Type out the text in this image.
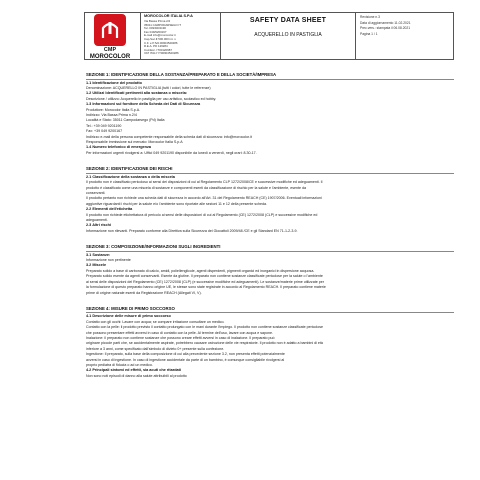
CMP
MOROCOLOR
MOROCOLOR ITALIA S.P.A
Via Bassa Prima 2/4
35011 CAMPODARSEGO IT
Tel. 049/9201190
Fax 049/9200167
E-mail info@morocolor.it
Cap.Soc.€ 500.000 int. v.
C.F. e P.IVA 00904520286
R.E.A. PD 126284
Cod.Ecc. IT00120987
VAT ITALY IT00904520286
SAFETY DATA SHEET
ACQUERELLO IN PASTIGLIA
Revisione n.3
Data di aggiornamento 11.02.2021
Prec.vers.: stampata il 06.08.2021
Pagina 1 / 1
SEZIONE 1: IDENTIFICAZIONE DELLA SOSTANZA/PREPARATO E DELLA SOCIETÀ/IMPRESA
1.1 Identificazione del prodotto
Denominazione: ACQUERELLO IN PASTIGLIA (tutti i colori, tutte le referenze)
1.2 Utilizzi Identificati pertinenti alla sostanza o miscela:
Descrizione / utilizzo: Acquerello in pastiglia per uso artistico, scolastico ed hobby.
1.3 Informazioni sul fornitore della Scheda dei Dati di Sicurezza
Produttore: Morocolor Italia S.p.A.
Indirizzo: Via Bassa Prima n.2/4
Località e Stato: 35011 Campodarsego (Pd) Italia
Tel.: +39 049 9201190
Fax: +39 049 9200167
Indirizzo e-mail della persona competente responsabile della scheda dati di sicurezza: info@morocolor.it
Responsabile immissione sul mercato: Morocolor Italia S.p.A
1.4 Numero telefonico di emergenza
Per informazioni urgenti rivolgersi a: Uffici 049 9201190 disponibile da lunedì a venerdì, negli orari: 8.30-17.
SEZIONE 2: IDENTIFICAZIONE DEI RISCHI
2.1 Classificazione della sostanza o della miscela
Il prodotto non è classificato pericoloso ai sensi dei disposizioni di cui al Regolamento CLP 1272/2008/CE e successive modifiche ed adeguamenti. Il
prodotto è classificato come una miscela di sostanze e componenti esenti da classificazione di rischio per la salute e l'ambiente, esente da
conservanti.
Il prodotto pertanto non richiede una scheda dati di sicurezza in accordo all'Art. 31 del Regolamento REACH (CE) 1907/2006. Eventuali informazioni
aggiuntive riguardanti i rischi per la salute e/o l'ambiente sono riportate alle sezioni 11 e 12 della presente scheda.
2.2 Elementi dell'etichetta
Il prodotto non richiede etichettatura di pericolo ai sensi delle disposizioni di cui al Regolamento (CE) 1272/2008 (CLP) e successive modifiche ed
adeguamenti.
2.3 Altri rischi
Informazione non rilevanti. Preparato conforme alla Direttiva sulla Sicurezza dei Giocattoli 2009/48 /CE e gli Standard EN 71-1-2-3-9.
SEZIONE 3: COMPOSIZIONE/INFORMAZIONI SUGLI INGREDIENTI
3.1 Sostanze:
Informazione non pertinente
3.2 Miscele
Preparato solido a base di carbonato di calcio, amidi, poliellenglicole, agenti disperdenti, pigmenti organici ed inorganici in dispersione acquosa.
Preparato solido esente da agenti conservanti. Esente da glutine. Il preparato non contiene sostanze classificate pericolose per la salute o l'ambiente
ai sensi delle disposizioni del Regolamento (CE) 1272/2008 (CLP) (e successive modifiche ed adeguamenti). Le sostanze/materie prime utilizzate per
la formulazione di questo preparato hanno origine UE, le stesse sono state registrate in accordo al Regolamento REACH. Il preparato contiene materie
prime di origine naturale esenti da Registrazione REACH (Allegati VI, V).
SEZIONE 4: MISURE DI PRIMO SOCCORSO
4.1 Descrizione delle misure di primo soccorso
Contatto con gli occhi: Lavare con acqua; se compare irritazione consultare un medico.
Contatto con la pelle: il prodotto previsto il contatto prolungato con le mani durante l'impiego. Il prodotto non contiene sostanze classificate pericolose
che possono presentare effetti avversi in caso di contatto con la pelle. Al termine dell'uso, lavare con acqua e sapone.
Inalazione: il preparato non contiene sostanze che possono creare effetti avversi in caso di inalazione. Il preparato può
originare piccole parti che, se accidentalmente aspirate, potrebbero causare ostruzione delle vie respiratorie. Il prodotto non è adatto a bambini di età
inferiore a 3 anni, come specificato dall'simbolo di divieto 0+ presente sulla confezione.
Ingestione: Il preparato, sulla base della composizione di cui alla precedente sezione 3.2, non presenta effetti potenzialmente
avversi in caso di ingestione. In caso di ingestione accidentale da parte di un bambino, è comunque consigliabile rivolgersi al
proprio pediatra di fiducia o ad un medico.
4.2 Principali sintomi ed effetti, sia acuti che ritardati
Non sono noti episodi di danno alla salute attribuibili al prodotto
